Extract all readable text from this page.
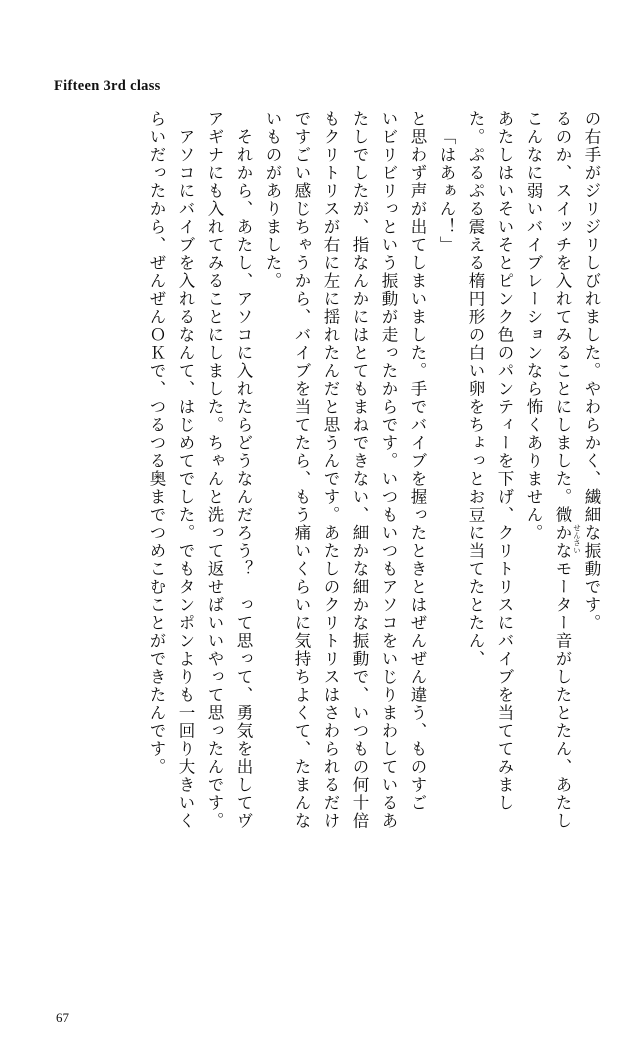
Fifteen 3rd class
の右手がジリジリしびれました。やわらかく、繊細
せんさい な振動です。
るのか、スイッチを入れてみることにしました。微かなモーター音がしたとたん、あたし
こんなに弱いバイブレーションなら怖くありません。
あたしはいそいそとピンク色のパンティーを下げ、クリトリスにバイブを当ててみまし
た。ぷるぷる震える楕円形の白い卵をちょっとお豆に当てたとたん、
「はあぁん！」
と思わず声が出てしまいました。手でバイブを握ったときとはぜんぜん違う、ものすご
いビリビリっという振動が走ったからです。いつもいつもアソコをいじりまわしているあ
たしでしたが、指なんかにはとてもまねできない、細かな細かな振動で、いつもの何十倍
もクリトリスが右に左に揺れたんだと思うんです。あたしのクリトリスはさわられるだけ
ですごい感じちゃうから、バイブを当てたら、もう痛いくらいに気持ちよくて、たまんな
いものがありました。
それから、あたし、アソコに入れたらどうなんだろう？　って思って、勇気を出してヴ
アギナにも入れてみることにしました。ちゃんと洗って返せばいいやって思ったんです。
アソコにバイブを入れるなんて、はじめてでした。でもタンポンよりも一回り大きいく
らいだったから、ぜんぜんＯＫで、つるつる奥までつめこむことができたんです。
67
